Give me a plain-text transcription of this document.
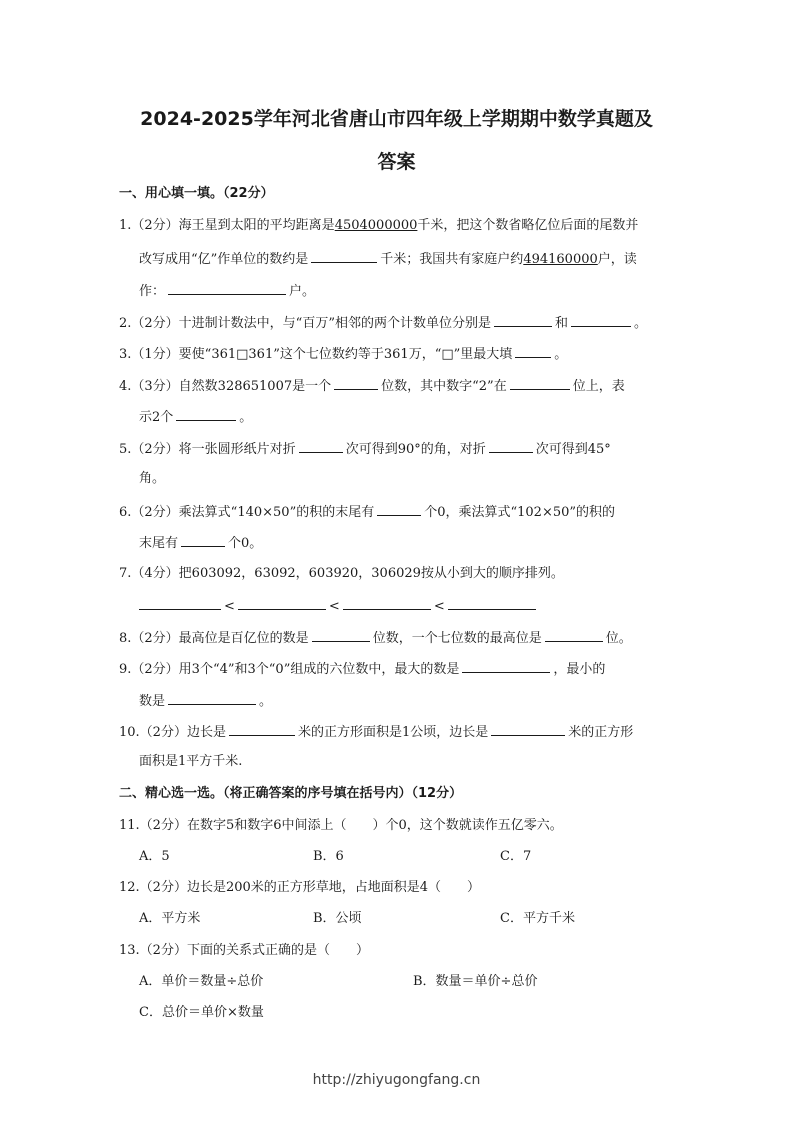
2024-2025学年河北省唐山市四年级上学期期中数学真题及
答案
一、用心填一填。（22分）
1.（2分）海王星到太阳的平均距离是4504000000千米，把这个数省略亿位后面的尾数并
改写成用“亿”作单位的数约是	千米；我国共有家庭户约494160000户，读
作：	户。
2.（2分）十进制计数法中，与“百万”相邻的两个计数单位分别是	和	。
3.（1分）要使“361□361”这个七位数约等于361万，“□”里最大填	。
4.（3分）自然数328651007是一个	位数，其中数字“2”在	位上，表
示2个	。
5.（2分）将一张圆形纸片对折	次可得到90°的角，对折	次可得到45°
角。
6.（2分）乘法算式“140×50”的积的末尾有	个0，乘法算式“102×50”的积的
末尾有	个0。
7.（4分）把603092，63092，603920，306029按从小到大的顺序排列。
<	<	<
8.（2分）最高位是百亿位的数是	位数，一个七位数的最高位是	位。
9.（2分）用3个“4”和3个“0”组成的六位数中，最大的数是	，最小的
数是	。
10.（2分）边长是	米的正方形面积是1公顷，边长是	米的正方形
面积是1平方千米.
二、精心选一选。（将正确答案的序号填在括号内）（12分）
11.（2分）在数字5和数字6中间添上（　　）个0，这个数就读作五亿零六。
A．5	B．6	C．7
12.（2分）边长是200米的正方形草地，占地面积是4（　　）
A．平方米	B．公顷	C．平方千米
13.（2分）下面的关系式正确的是（　　）
A．单价＝数量÷总价	B．数量＝单价÷总价
C．总价＝单价×数量
http://zhiyugongfang.cn
